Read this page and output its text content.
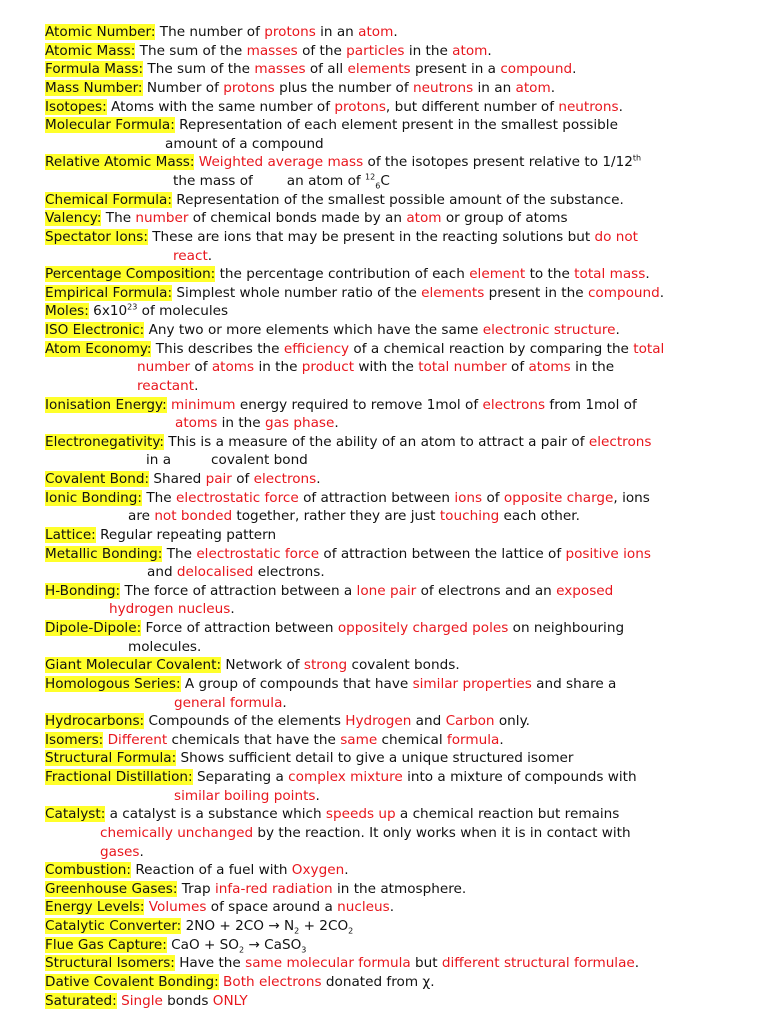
Atomic Number: The number of protons in an atom.
Atomic Mass: The sum of the masses of the particles in the atom.
Formula Mass: The sum of the masses of all elements present in a compound.
Mass Number: Number of protons plus the number of neutrons in an atom.
Isotopes: Atoms with the same number of protons, but different number of neutrons.
Molecular Formula: Representation of each element present in the smallest possible
amount of a compound
Relative Atomic Mass: Weighted average mass of the isotopes present relative to 1/12th
the mass of	an atom of $^{12}_6$C
Chemical Formula: Representation of the smallest possible amount of the substance.
Valency: The number of chemical bonds made by an atom or group of atoms
Spectator Ions: These are ions that may be present in the reacting solutions but do not
react.
Percentage Composition: the percentage contribution of each element to the total mass.
Empirical Formula: Simplest whole number ratio of the elements present in the compound.
Moles: $6x10^{23}$ of molecules
ISO Electronic: Any two or more elements which have the same electronic structure.
Atom Economy: This describes the efficiency of a chemical reaction by comparing the total
number of atoms in the product with the total number of atoms in the
reactant.
Ionisation Energy: minimum energy required to remove 1mol of electrons from 1mol of
atoms in the gas phase.
Electronegativity: This is a measure of the ability of an atom to attract a pair of electrons
in a	covalent bond
Covalent Bond: Shared pair of electrons.
Ionic Bonding: The electrostatic force of attraction between ions of opposite charge, ions
are not bonded together, rather they are just touching each other.
Lattice: Regular repeating pattern
Metallic Bonding: The electrostatic force of attraction between the lattice of positive ions
and delocalised electrons.
H-Bonding: The force of attraction between a lone pair of electrons and an exposed
hydrogen nucleus.
Dipole-Dipole: Force of attraction between oppositely charged poles on neighbouring
molecules.
Giant Molecular Covalent: Network of strong covalent bonds.
Homologous Series: A group of compounds that have similar properties and share a
general formula.
Hydrocarbons: Compounds of the elements Hydrogen and Carbon only.
Isomers: Different chemicals that have the same chemical formula.
Structural Formula: Shows sufficient detail to give a unique structured isomer
Fractional Distillation: Separating a complex mixture into a mixture of compounds with
similar boiling points.
Catalyst: a catalyst is a substance which speeds up a chemical reaction but remains
chemically unchanged by the reaction. It only works when it is in contact with
gases.
Combustion: Reaction of a fuel with Oxygen.
Greenhouse Gases: Trap infa-red radiation in the atmosphere.
Energy Levels: Volumes of space around a nucleus.
Catalytic Converter: $2NO + 2CO \to N_2 + 2CO_2$
Flue Gas Capture: CaO + $SO_2$ → CaSO$_3$
Structural Isomers: Have the same molecular formula but different structural formulae.
Dative Covalent Bonding: Both electrons donated from χ.
Saturated: Single bonds ONLY
